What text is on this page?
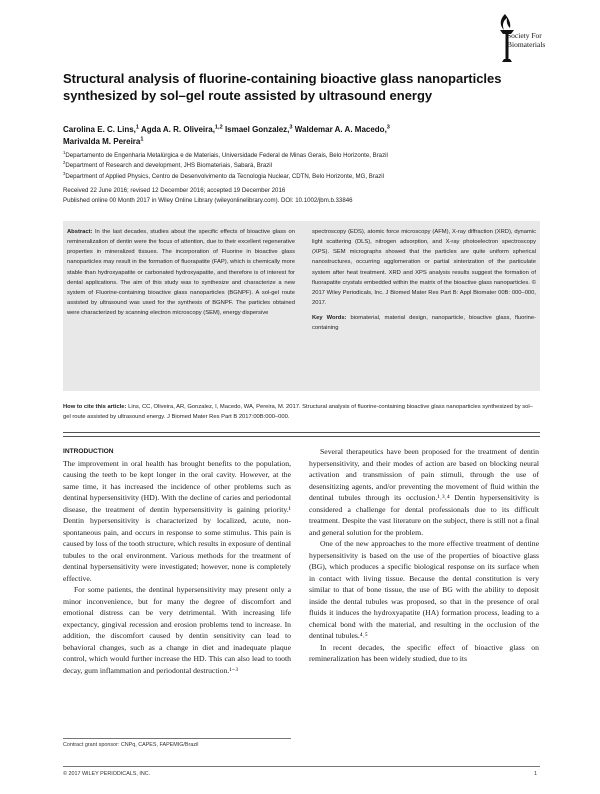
Society For
Biomaterials
Structural analysis of fluorine-containing bioactive glass nanoparticles synthesized by sol–gel route assisted by ultrasound energy
Carolina E. C. Lins,$^1$ Agda A. R. Oliveira,$^{1,2}$ Ismael Gonzalez,$^3$ Waldemar A. A. Macedo,$^3$
Marivalda M. Pereira$^1$
$^1$Departamento de Engenharia Metalúrgica e de Materiais, Universidade Federal de Minas Gerais, Belo Horizonte, Brazil
$^2$Department of Research and development, JHS Biomateriais, Sabará, Brazil
$^3$Department of Applied Physics, Centro de Desenvolvimento da Tecnologia Nuclear, CDTN, Belo Horizonte, MG, Brazil
Received 22 June 2016; revised 12 December 2016; accepted 19 December 2016
Published online 00 Month 2017 in Wiley Online Library (wileyonlinelibrary.com). DOI: 10.1002/jbm.b.33846
Abstract: In the last decades, studies about the specific effects of bioactive glass on remineralization of dentin were the focus of attention, due to their excellent regenerative properties in mineralized tissues. The incorporation of Fluorine in bioactive glass nanoparticles may result in the formation of fluorapatite (FAP), which is chemically more stable than hydroxyapatite or carbonated hydroxyapatite, and therefore is of interest for dental applications. The aim of this study was to synthesize and characterize a new system of Fluorine-containing bioactive glass nanoparticles (BGNPF). A sol-gel route assisted by ultrasound was used for the synthesis of BGNPF. The particles obtained were characterized by scanning electron microscopy (SEM), energy dispersive
spectroscopy (EDS), atomic force microscopy (AFM), X-ray diffraction (XRD), dynamic light scattering (DLS), nitrogen adsorption, and X-ray photoelectron spectroscopy (XPS). SEM micrographs showed that the particles are quite uniform spherical nanostructures, occurring agglomeration or partial sinterization of the particulate system after heat treatment. XRD and XPS analysis results suggest the formation of fluorapatite crystals embedded within the matrix of the bioactive glass nanoparticles. © 2017 Wiley Periodicals, Inc. J Biomed Mater Res Part B: Appl Biomater 00B: 000–000, 2017.
Key Words: biomaterial, material design, nanoparticle, bioactive glass, fluorine-containing
How to cite this article: Lins, CC, Oliveira, AR, Gonzalez, I, Macedo, WA, Pereira, M. 2017. Structural analysis of fluorine-containing bioactive glass nanoparticles synthesized by sol–gel route assisted by ultrasound energy. J Biomed Mater Res Part B 2017:00B:000–000.
INTRODUCTION

The improvement in oral health has brought benefits to the population, causing the teeth to be kept longer in the oral cavity. However, at the same time, it has increased the incidence of other problems such as dentinal hypersensitivity (HD). With the decline of caries and periodontal disease, the treatment of dentin hypersensitivity is gaining priority.¹ Dentin hypersensitivity is characterized by localized, acute, non-spontaneous pain, and occurs in response to some stimulus. This pain is caused by loss of the tooth structure, which results in exposure of dentinal tubules to the oral environment. Various methods for the treatment of dentinal hypersensitivity were investigated; however, none is completely effective.

For some patients, the dentinal hypersensitivity may present only a minor inconvenience, but for many the degree of discomfort and emotional distress can be very detrimental. With increasing life expectancy, gingival recession and erosion problems tend to increase. In addition, the discomfort caused by dentin sensitivity can lead to behavioral changes, such as a change in diet and inadequate plaque control, which would further increase the HD. This can also lead to tooth decay, gum inflammation and periodontal destruction.¹⁻³

Several therapeutics have been proposed for the treatment of dentin hypersensitivity, and their modes of action are based on blocking neural activation and transmission of pain stimuli, through the use of desensitizing agents, and/or preventing the movement of fluid within the dentinal tubules through its occlusion.¹˒³˒⁴ Dentin hypersensitivity is considered a challenge for dental professionals due to its difficult treatment. Despite the vast literature on the subject, there is still not a final and general solution for the problem.

One of the new approaches to the more effective treatment of dentine hypersensitivity is based on the use of the properties of bioactive glass (BG), which produces a specific biological response on its surface when in contact with living tissue. Because the dental constitution is very similar to that of bone tissue, the use of BG with the ability to deposit inside the dental tubules was proposed, so that in the presence of oral fluids it induces the hydroxyapatite (HA) formation process, leading to a chemical bond with the material, and resulting in the occlusion of the dentinal tubules.⁴˒⁵

In recent decades, the specific effect of bioactive glass on remineralization has been widely studied, due to its

Contract grant sponsor: CNPq, CAPES, FAPEMIG/Brazil
© 2017 WILEY PERIODICALS, INC.	1
